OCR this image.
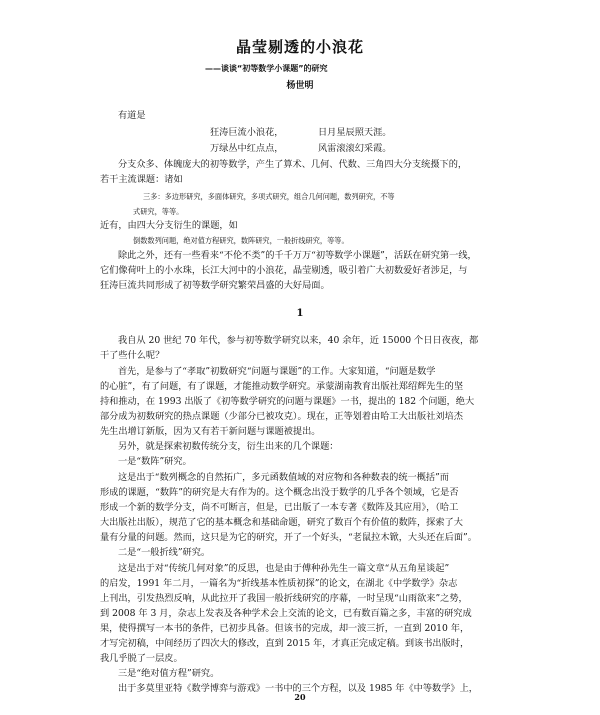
晶莹剔透的小浪花
——谈谈“初等数学小课题”的研究
杨世明
有道是
狂涛巨流小浪花，	日月星辰照天涯。
万绿丛中红点点，	风雷滚滚幻采霞。
分支众多、体魄庞大的初等数学，产生了算术、几何、代数、三角四大分支统摄下的，
若干主流课题：诸如
三多：多边形研究，多面体研究，多项式研究，组合几何问题，数列研究，不等
式研究，等等。
近有，由四大分支衍生的课题，如
倒数数列问题，绝对值方程研究，数阵研究，一般折线研究，等等。
除此之外，还有一些看来“不伦不类”的千千万万“初等数学小课题”，活跃在研究第一线，
它们像荷叶上的小水珠，长江大河中的小浪花，晶莹剔透，吸引着广大初数爱好者涉足，与
狂涛巨流共同形成了初等数学研究繁荣昌盛的大好局面。
1
我自从 20 世纪 70 年代，参与初等数学研究以来，40 余年，近 15000 个日日夜夜，都
干了些什么呢？
首先，是参与了“孝取”初数研究“问题与课题”的工作。大家知道，“问题是数学
的心脏”，有了问题，有了课题，才能推动数学研究。承蒙湖南教育出版社郑绍辉先生的坚
持和推动，在 1993 出版了《初等数学研究的问题与课题》一书，提出的 182 个问题，绝大
部分成为初数研究的热点课题（少部分已被攻克）。现在，正等划着由哈工大出版社刘培杰
先生出增订新版，因为又有若干新问题与课题被提出。
另外，就是探索初数传统分支，衍生出来的几个课题：
一是“数阵”研究。
这是出于“数列概念的自然拓广，多元函数值域的对应物和各种数表的统一概括”而
形成的课题，“数阵”的研究是大有作为的。这个概念出没于数学的几乎各个领域，它是否
形成一个新的数学分支，尚不可断言，但是，已出版了一本专著《数阵及其应用》，（哈工
大出版社出版），规范了它的基本概念和基础命题，研究了数百个有价值的数阵，探索了大
量有分量的问题。然而，这只是为它的研究，开了一个好头，“老鼠拉木锨，大头还在后面”。
二是“一般折线”研究。
这是出于对“传统几何对象”的反思，也是由于傅种孙先生一篇文章“从五角星谈起”
的启发，1991 年二月，一篇名为“折线基本性质初探”的论文，在湖北《中学数学》杂志
上刊出，引发热烈反响，从此拉开了我国一般折线研究的序幕，一时呈现“山雨欲来”之势，
到 2008 年 3 月，杂志上发表及各种学术会上交流的论文，已有数百篇之多，丰富的研究成
果，使得撰写一本书的条件，已初步具备。但该书的完成，却一波三折，一直到 2010 年，
才写完初稿，中间经历了四次大的修改，直到 2015 年，才真正完成定稿。到该书出版时，
我几乎脱了一层皮。
三是“绝对值方程”研究。
出于多莫里亚特《数学博弈与游戏》一书中的三个方程，以及 1985 年《中等数学》上，
20
